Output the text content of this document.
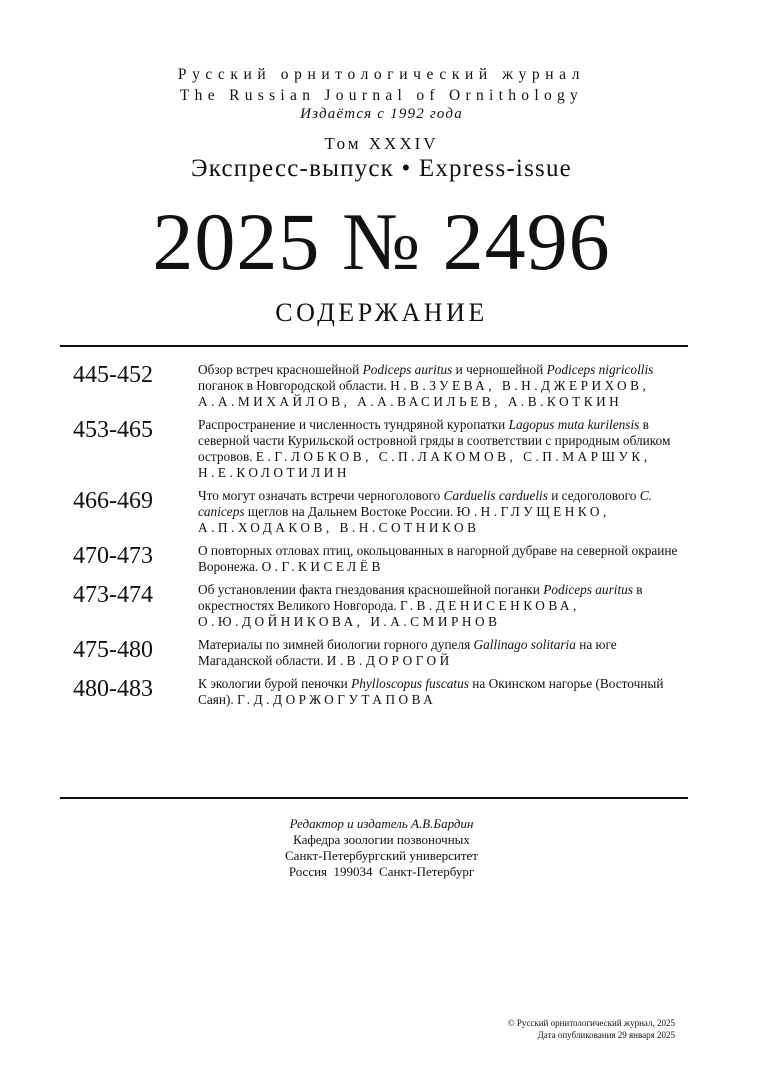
Русский орнитологический журнал
The Russian Journal of Ornithology
Издаётся с 1992 года
Том XXXIV
Экспресс-выпуск • Express-issue
2025 № 2496
СОДЕРЖАНИЕ
445-452	Обзор встреч красношейной Podiceps auritus и черношейной Podiceps nigricollis поганок в Новгородской области. Н.В.ЗУЕВА, В.Н.ДЖЕРИХОВ, А.А.МИХАЙЛОВ, А.А.ВАСИЛЬЕВ, А.В.КОТКИН
453-465	Распространение и численность тундряной куропатки Lagopus muta kurilensis в северной части Курильской островной гряды в соответствии с природным обликом островов. Е.Г.ЛОБКОВ, С.П.ЛАКОМОВ, С.П.МАРШУК, Н.Е.КОЛОТИЛИН
466-469	Что могут означать встречи черноголового Carduelis carduelis и седоголового C. caniceps щеглов на Дальнем Востоке России. Ю.Н.ГЛУЩЕНКО, А.П.ХОДАКОВ, В.Н.СОТНИКОВ
470-473	О повторных отловах птиц, окольцованных в нагорной дубраве на северной окраине Воронежа. О.Г.КИСЕЛЁВ
473-474	Об установлении факта гнездования красношейной поганки Podiceps auritus в окрестностях Великого Новгорода. Г.В.ДЕНИСЕНКОВА, О.Ю.ДОЙНИКОВА, И.А.СМИРНОВ
475-480	Материалы по зимней биологии горного дупеля Gallinago solitaria на юге Магаданской области. И.В.ДОРОГОЙ
480-483	К экологии бурой пеночки Phylloscopus fuscatus на Окинском нагорье (Восточный Саян). Г.Д.ДОРЖОГУТАПОВА
Редактор и издатель А.В.Бардин
Кафедра зоологии позвоночных
Санкт-Петербургский университет
Россия  199034  Санкт-Петербург
© Русский орнитологический журнал, 2025
Дата опубликования 29 января 2025
